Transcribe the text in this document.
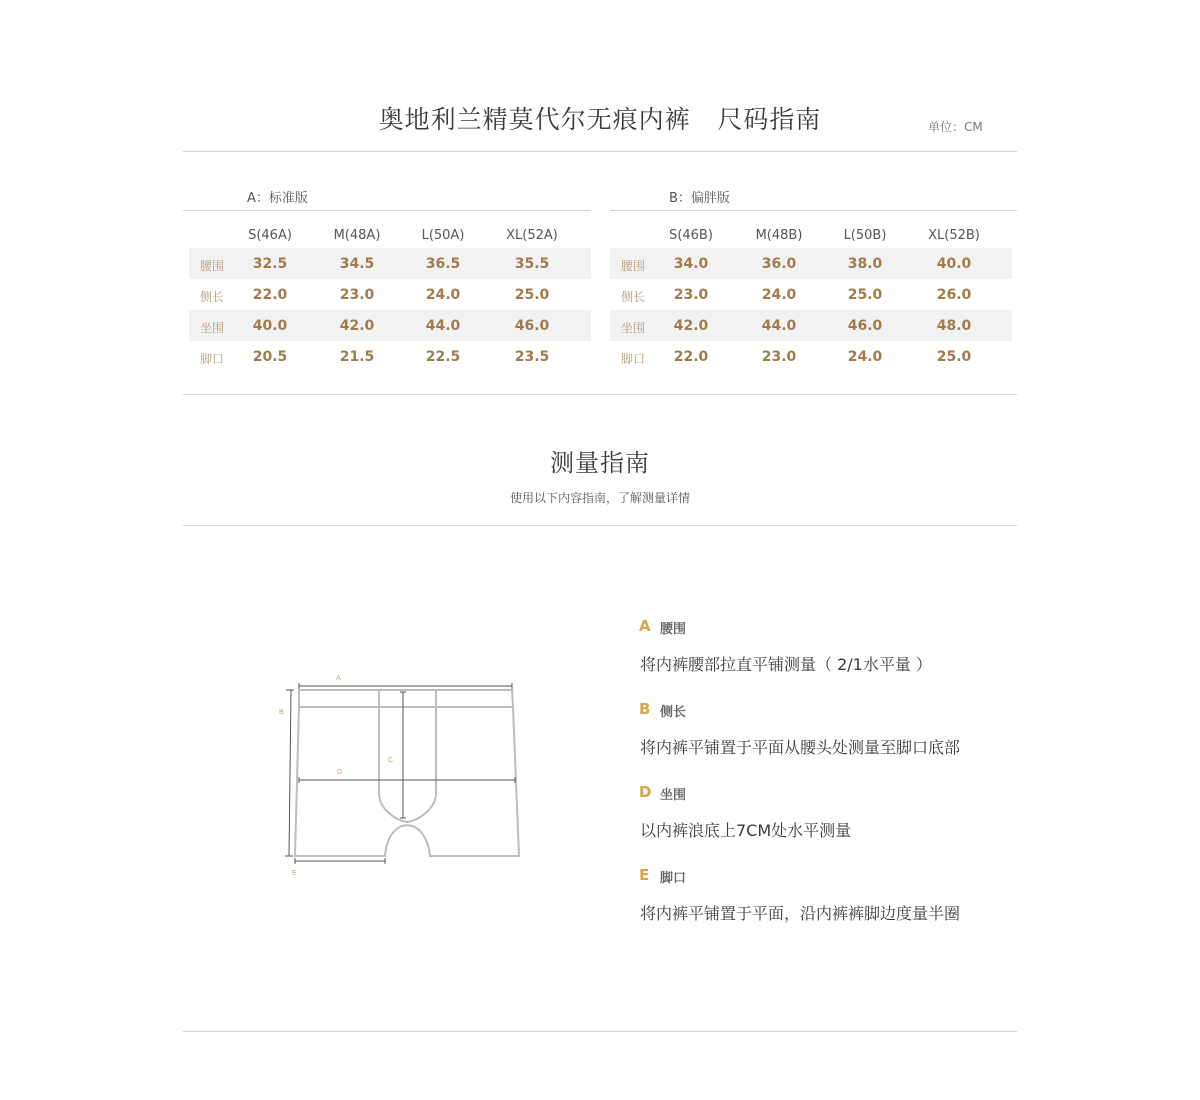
奥地利兰精莫代尔无痕内裤   尺码指南	单位：CM
A：标准版
S(46A)	M(48A)	L(50A)	XL(52A)
腰围	32.5	34.5	36.5	35.5
侧长	22.0	23.0	24.0	25.0
坐围	40.0	42.0	44.0	46.0
脚口	20.5	21.5	22.5	23.5
B：偏胖版
S(46B)	M(48B)	L(50B)	XL(52B)
腰围	34.0	36.0	38.0	40.0
侧长	23.0	24.0	25.0	26.0
坐围	42.0	44.0	46.0	48.0
脚口	22.0	23.0	24.0	25.0
测量指南
使用以下内容指南，了解测量详情
A
B
C
D
E
A 腰围
将内裤腰部拉直平铺测量（ 2/1水平量 ）
B 侧长
将内裤平铺置于平面从腰头处测量至脚口底部
D 坐围
以内裤浪底上7CM处水平测量
E 脚口
将内裤平铺置于平面，沿内裤裤脚边度量半圈
